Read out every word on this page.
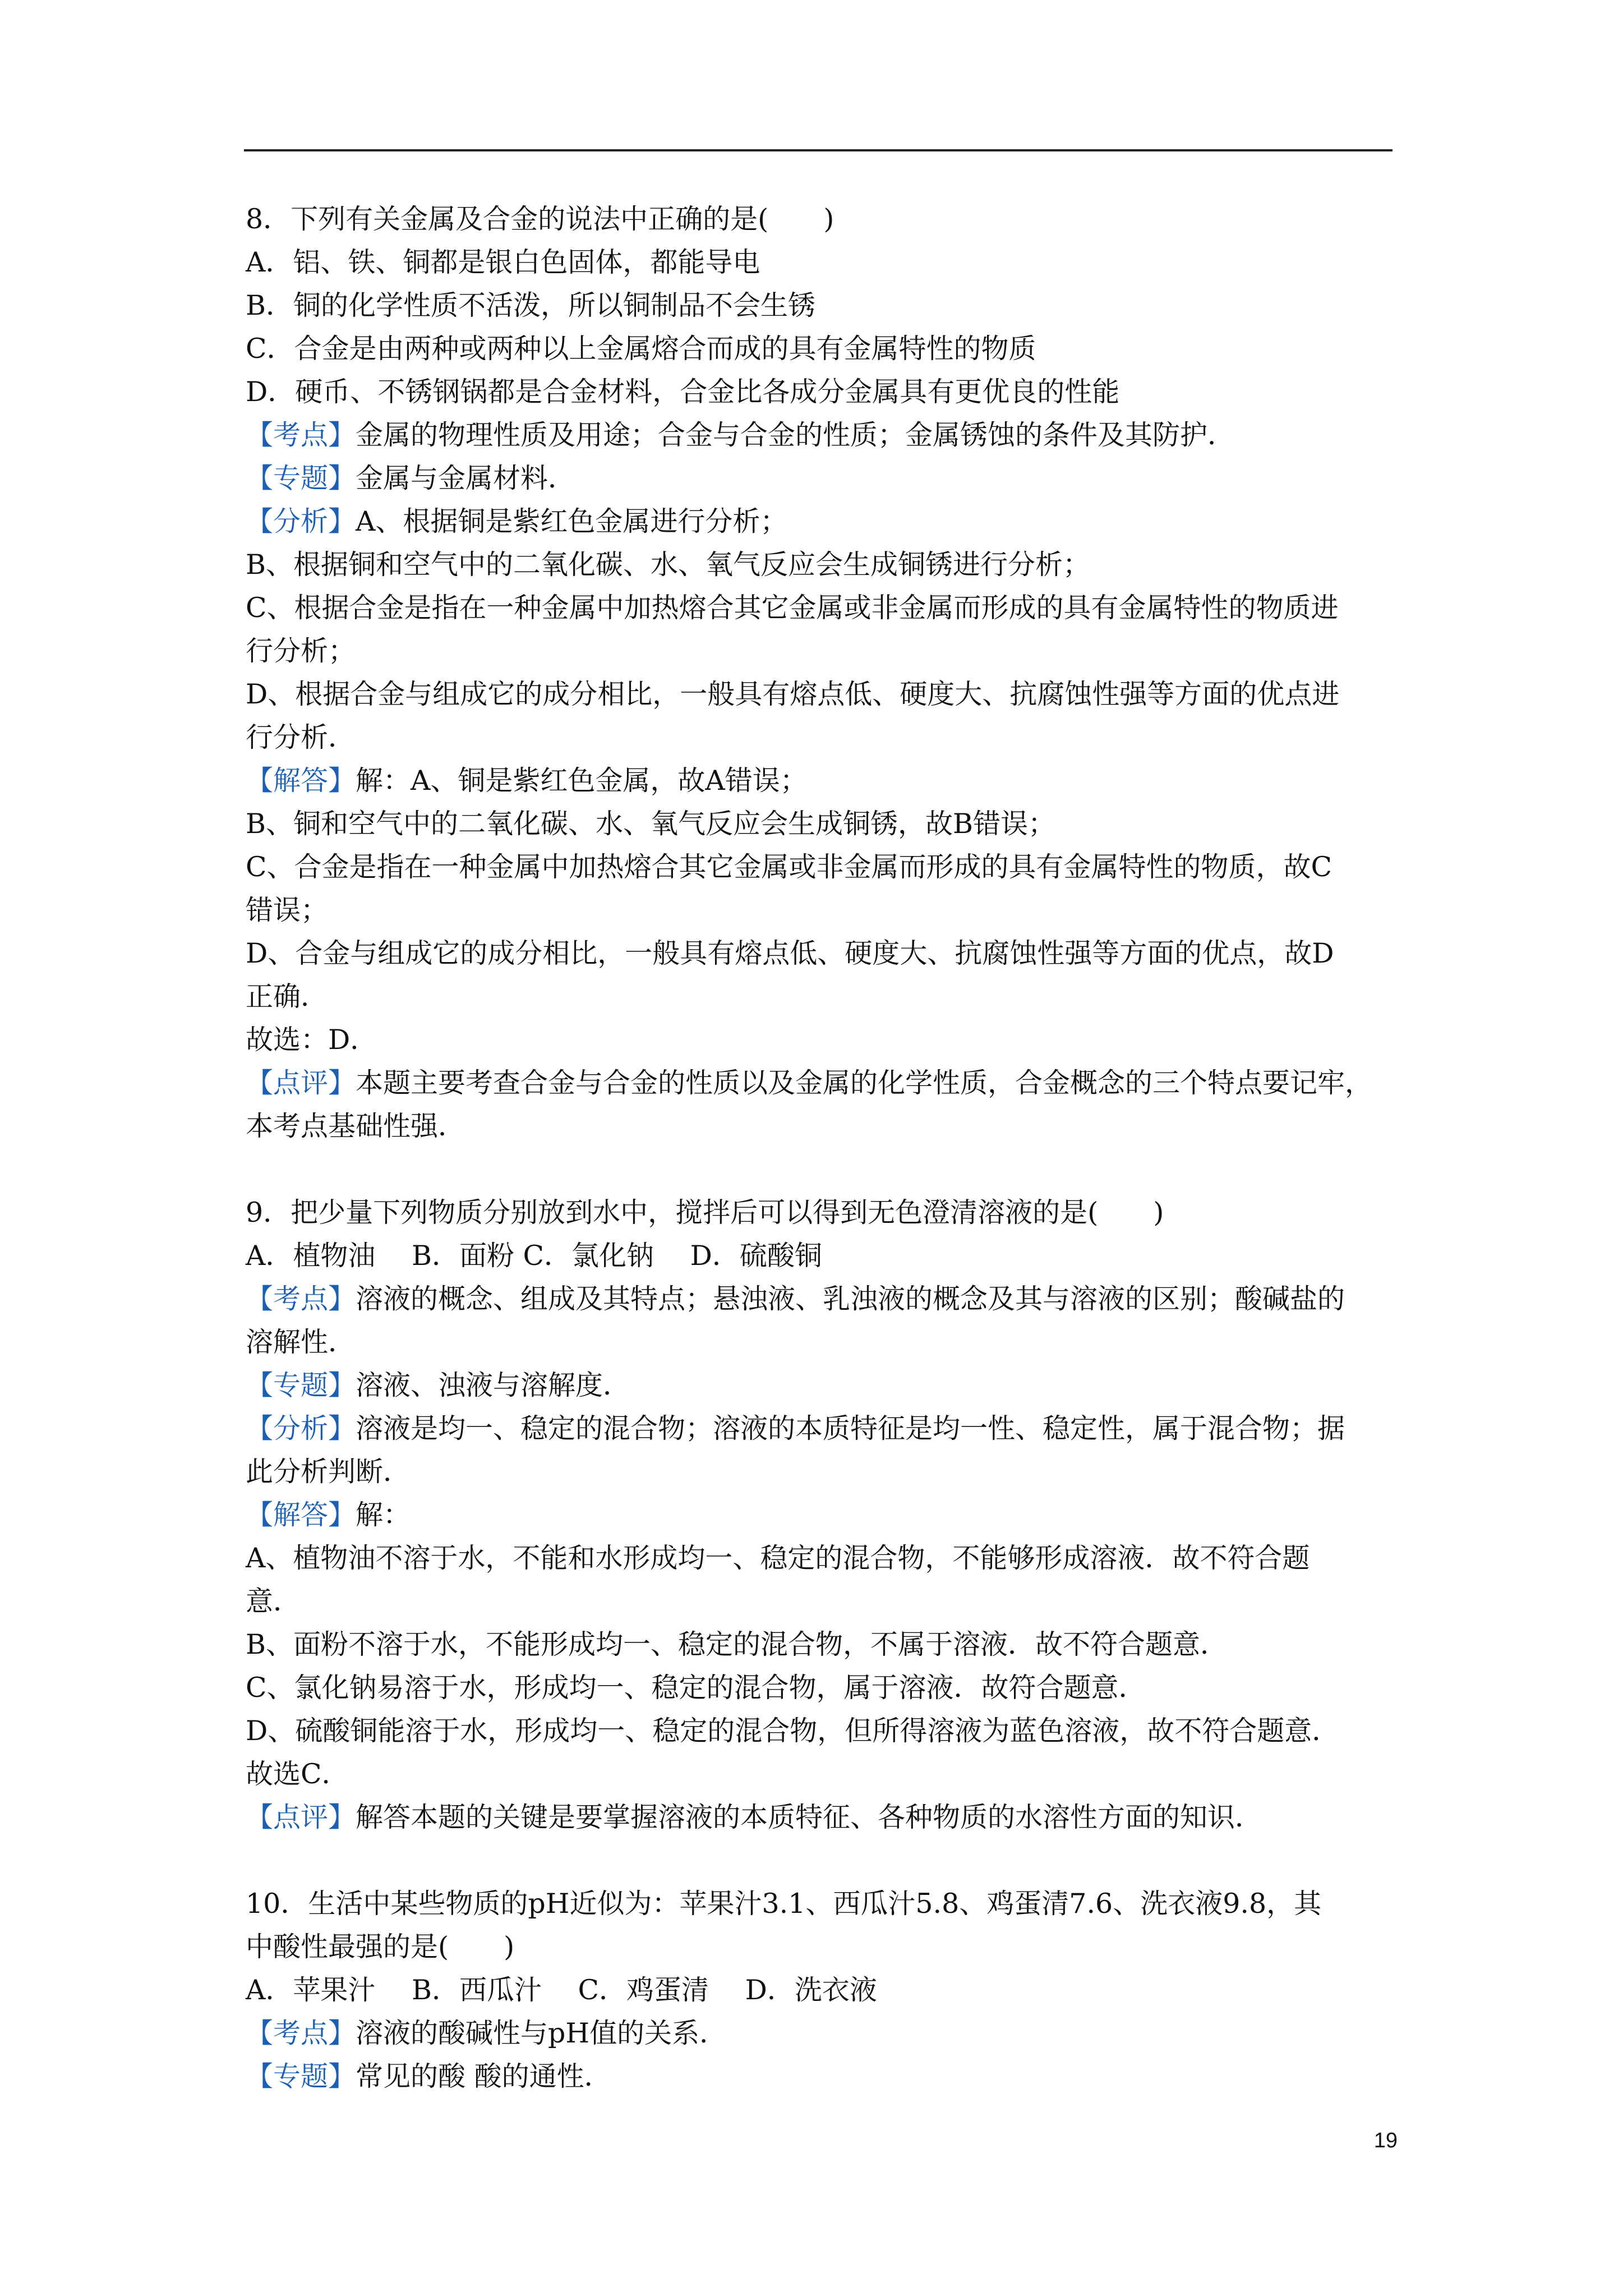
8．下列有关金属及合金的说法中正确的是(　　)
A．铝、铁、铜都是银白色固体，都能导电
B．铜的化学性质不活泼，所以铜制品不会生锈
C．合金是由两种或两种以上金属熔合而成的具有金属特性的物质
D．硬币、不锈钢锅都是合金材料，合金比各成分金属具有更优良的性能
【考点】金属的物理性质及用途；合金与合金的性质；金属锈蚀的条件及其防护．
【专题】金属与金属材料．
【分析】A、根据铜是紫红色金属进行分析；
B、根据铜和空气中的二氧化碳、水、氧气反应会生成铜锈进行分析；
C、根据合金是指在一种金属中加热熔合其它金属或非金属而形成的具有金属特性的物质进
行分析；
D、根据合金与组成它的成分相比，一般具有熔点低、硬度大、抗腐蚀性强等方面的优点进
行分析．
【解答】解：A、铜是紫红色金属，故A错误；
B、铜和空气中的二氧化碳、水、氧气反应会生成铜锈，故B错误；
C、合金是指在一种金属中加热熔合其它金属或非金属而形成的具有金属特性的物质，故C
错误；
D、合金与组成它的成分相比，一般具有熔点低、硬度大、抗腐蚀性强等方面的优点，故D
正确．
故选：D．
【点评】本题主要考查合金与合金的性质以及金属的化学性质，合金概念的三个特点要记牢，
本考点基础性强．
9．把少量下列物质分别放到水中，搅拌后可以得到无色澄清溶液的是(　　)
A．植物油　 B．面粉 C．氯化钠　 D．硫酸铜
【考点】溶液的概念、组成及其特点；悬浊液、乳浊液的概念及其与溶液的区别；酸碱盐的
溶解性．
【专题】溶液、浊液与溶解度．
【分析】溶液是均一、稳定的混合物；溶液的本质特征是均一性、稳定性，属于混合物；据
此分析判断．
【解答】解：
A、植物油不溶于水，不能和水形成均一、稳定的混合物，不能够形成溶液．故不符合题
意．
B、面粉不溶于水，不能形成均一、稳定的混合物，不属于溶液．故不符合题意．
C、氯化钠易溶于水，形成均一、稳定的混合物，属于溶液．故符合题意．
D、硫酸铜能溶于水，形成均一、稳定的混合物，但所得溶液为蓝色溶液，故不符合题意．
故选C．
【点评】解答本题的关键是要掌握溶液的本质特征、各种物质的水溶性方面的知识．
10．生活中某些物质的pH近似为：苹果汁3.1、西瓜汁5.8、鸡蛋清7.6、洗衣液9.8，其
中酸性最强的是(　　)
A．苹果汁　 B．西瓜汁　 C．鸡蛋清　 D．洗衣液
【考点】溶液的酸碱性与pH值的关系．
【专题】常见的酸 酸的通性．
19
